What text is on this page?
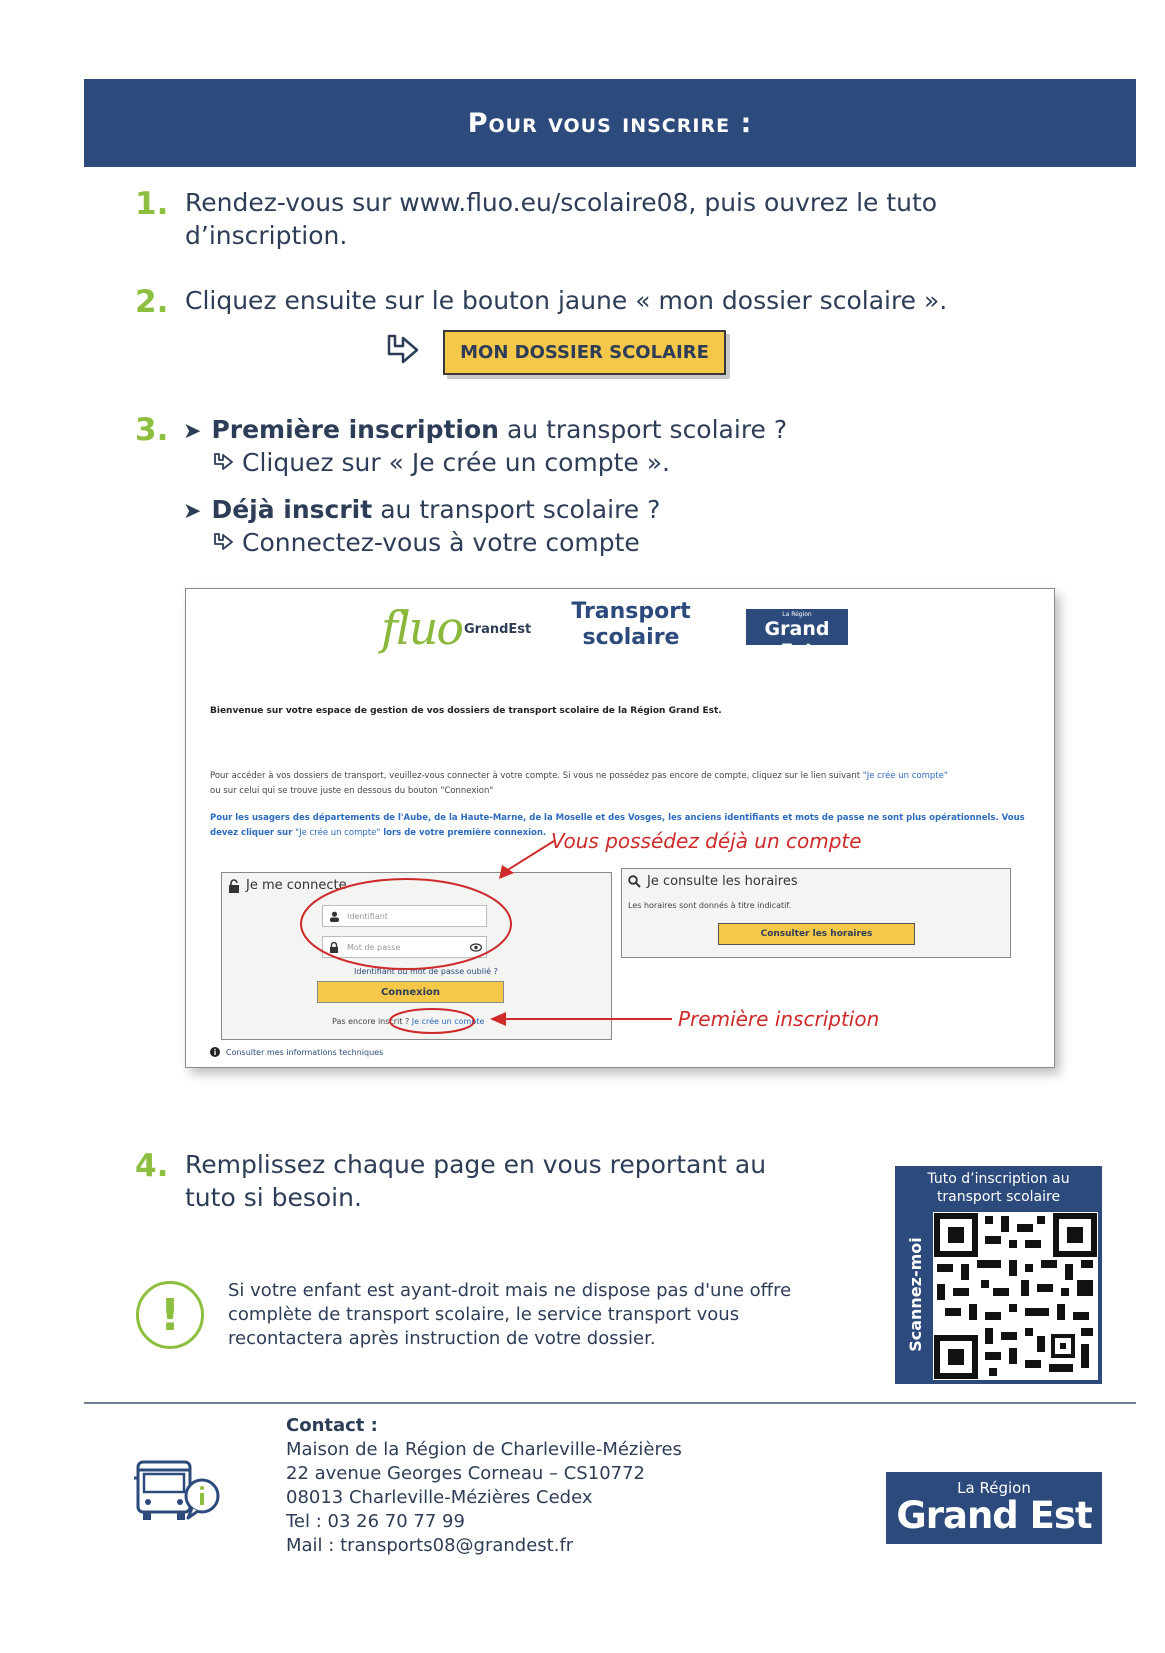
Pour vous inscrire :
1. Rendez-vous sur www.fluo.eu/scolaire08, puis ouvrez le tuto d’inscription.
2. Cliquez ensuite sur le bouton jaune « mon dossier scolaire ».
MON DOSSIER SCOLAIRE
3. ➤ Première inscription au transport scolaire ?
Cliquez sur « Je crée un compte ».
➤ Déjà inscrit au transport scolaire ?
Connectez-vous à votre compte
fluo GrandEst
Transport
scolaire
La Région
Grand Est
Bienvenue sur votre espace de gestion de vos dossiers de transport scolaire de la Région Grand Est.
Pour accéder à vos dossiers de transport, veuillez-vous connecter à votre compte. Si vous ne possédez pas encore de compte, cliquez sur le lien suivant "Je crée un compte"
ou sur celui qui se trouve juste en dessous du bouton "Connexion"
Pour les usagers des départements de l'Aube, de la Haute-Marne, de la Moselle et des Vosges, les anciens identifiants et mots de passe ne sont plus opérationnels. Vous devez cliquer sur "Je crée un compte" lors de votre première connexion.
Je me connecte
Identifiant
Mot de passe
Identifiant ou mot de passe oublié ?
Connexion
Pas encore inscrit ? Je crée un compte
Je consulte les horaires
Les horaires sont donnés à titre indicatif.
Consulter les horaires
Consulter mes informations techniques
Vous possédez déjà un compte
Première inscription
4. Remplissez chaque page en vous reportant au tuto si besoin.
Tuto d’inscription au
transport scolaire
Scannez-moi
!	Si votre enfant est ayant-droit mais ne dispose pas d'une offre complète de transport scolaire, le service transport vous recontactera après instruction de votre dossier.
Contact :
Maison de la Région de Charleville-Mézières
22 avenue Georges Corneau – CS10772
08013 Charleville-Mézières Cedex
Tel : 03 26 70 77 99
Mail : transports08@grandest.fr
La Région
Grand Est
